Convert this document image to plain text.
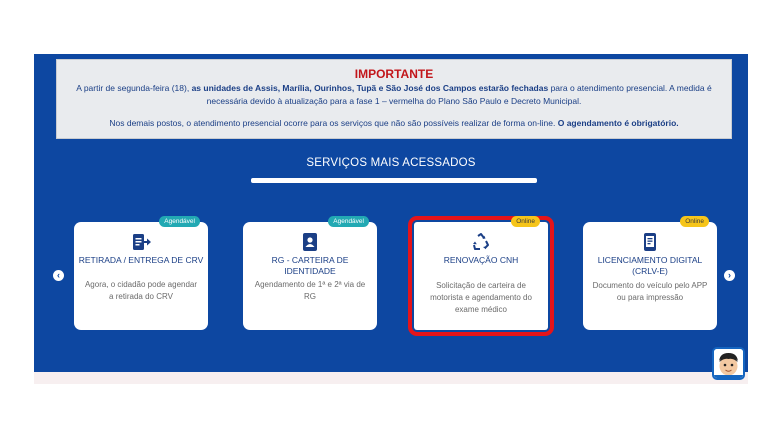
IMPORTANTE

A partir de segunda-feira (18), as unidades de Assis, Marília, Ourinhos, Tupã e São José dos Campos estarão fechadas para o atendimento presencial. A medida é

necessária devido à atualização para a fase 1 – vermelha do Plano São Paulo e Decreto Municipal.

Nos demais postos, o atendimento presencial ocorre para os serviços que não são possíveis realizar de forma on-line. O agendamento é obrigatório.

SERVIÇOS MAIS ACESSADOS
‹	›
Agendável
RETIRADA / ENTREGA DE CRV
Agora, o cidadão pode agendar a retirada do CRV
Agendável
RG - CARTEIRA DE IDENTIDADE
Agendamento de 1ª e 2ª via de RG
Online
RENOVAÇÃO CNH
Solicitação de carteira de motorista e agendamento do exame médico
Online
LICENCIAMENTO DIGITAL (CRLV-E)
Documento do veículo pelo APP ou para impressão
